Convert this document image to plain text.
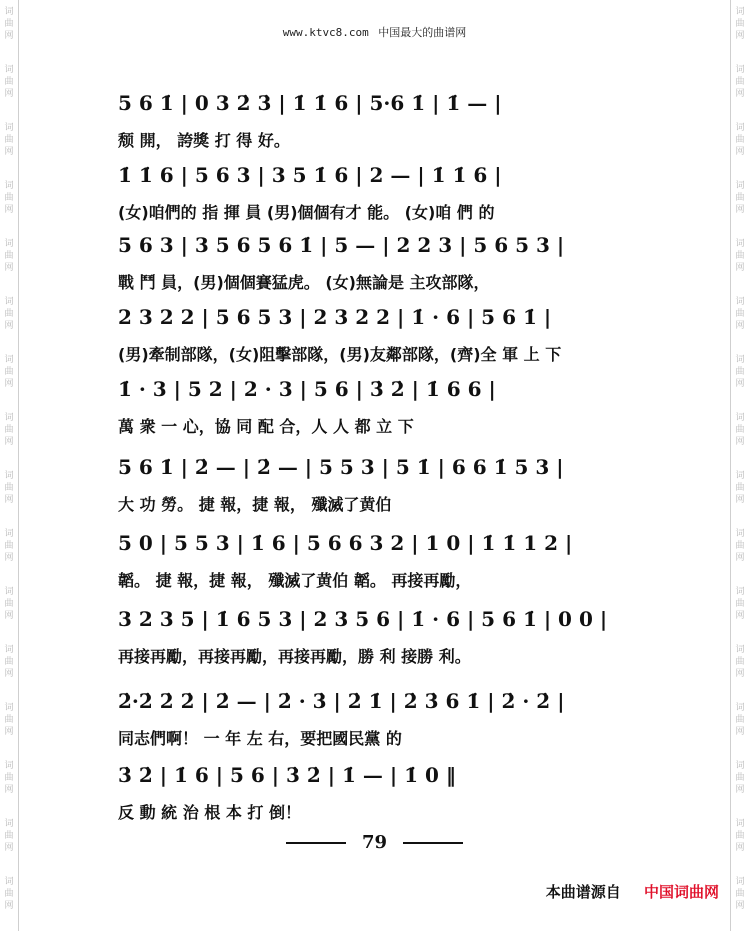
词
曲
网
词
曲
网
词
曲
网
词
曲
网
词
曲
网
词
曲
网
词
曲
网
词
曲
网
词
曲
网
词
曲
网
词
曲
网
词
曲
网
词
曲
网
词
曲
网
词
曲
网
词
曲
网
词
曲
网
词
曲
网
词
曲
网
词
曲
网
词
曲
网
词
曲
网
词
曲
网
词
曲
网
词
曲
网
词
曲
网
词
曲
网
词
曲
网
词
曲
网
词
曲
网
词
曲
网
词
曲
网
www.ktvc8.com 中国最大的曲谱网
5 6 1̇ | 0 3 2̇ 3̇ | 1̇ 1̇ 6 | 5·6 1̇ | 1̇ — |
颓 開， 誇獎 打 得 好。
1̇ 1̇ 6 | 5 6 3 | 3 5 1̇ 6 | 2 — | 1̇ 1̇ 6 |
(女)咱們的 指 揮 員 (男)個個有才 能。 (女)咱 們 的
5 6 3 | 3 5 6 5 6 1̇ | 5 — | 2 2 3 | 5 6 5 3 |
戰 鬥 員，(男)個個賽猛虎。 (女)無論是 主攻部隊，
2 3 2 2 | 5 6 5 3 | 2 3 2 2 | 1̇ · 6 | 5 6 1̇ |
(男)牽制部隊，(女)阻擊部隊，(男)友鄰部隊，(齊)全 軍 上 下
1̇ · 3 | 5 2 | 2 · 3 | 5 6 | 3̇ 2̇ | 1̇ 6 6 |
萬 衆 一 心，協 同 配 合，人 人 都 立 下
5 6 1̇ | 2̇ — | 2̇ — | 5 5 3 | 5 1̇ | 6 6 1̇ 5 3 |
大 功 勞。 捷 報，捷 報， 殲滅了黄伯
5 0 | 5 5 3 | 1̇ 6 | 5 6 6 3 2 | 1 0 | 1̇ 1̇ 1 2 |
韜。 捷 報，捷 報， 殲滅了黄伯 韜。 再接再勵，
3 2 3 5 | 1̇ 6 5 3 | 2 3 5 6 | 1̇ · 6 | 5 6 1̇ | 0 0 |
再接再勵，再接再勵，再接再勵，勝 利 接勝 利。
2̇·2̇ 2̇ 2̇ | 2̇ — | 2̇ · 3̇ | 2̇ 1̇ | 2̇ 3̇ 6 1̇ | 2̇ · 2̇ |
同志們啊！ 一 年 左 右，要把國民黨 的
3̇ 2̇ | 1̇ 6 | 5 6 | 3̇ 2̇ | 1̇ — | 1̇ 0 ‖
反 動 統 治 根 本 打 倒！
79
本曲谱源自 中国词曲网
